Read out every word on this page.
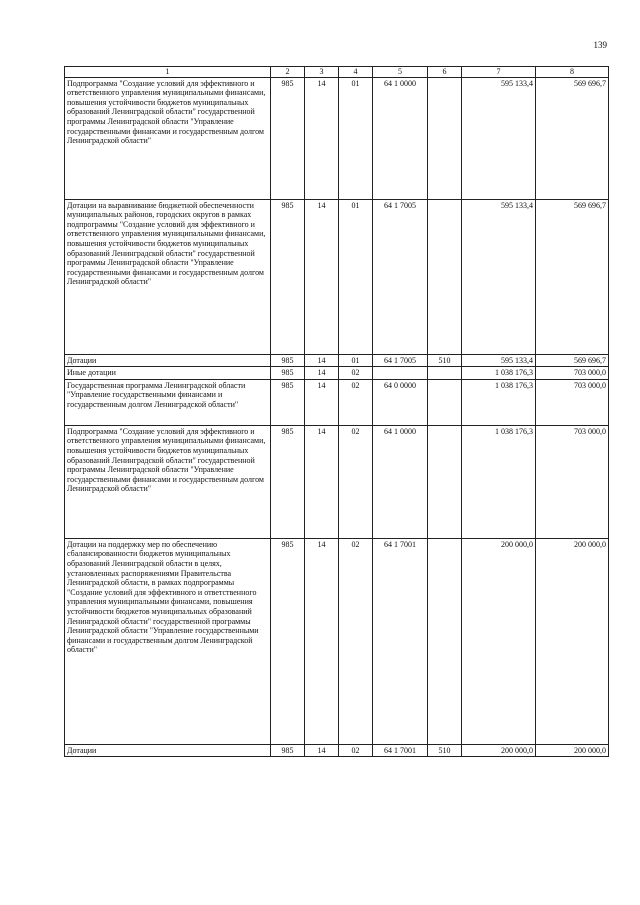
139
1	2	3	4	5	6	7	8
Подпрограмма "Создание условий для эффективного и ответственного управления муниципальными финансами, повышения устойчивости бюджетов муниципальных образований Ленинградской области" государственной программы Ленинградской области "Управление государственными финансами и государственным долгом Ленинградской области"	985	14	01	64 1 0000		595 133,4	569 696,7
Дотации на выравнивание бюджетной обеспеченности муниципальных районов, городских округов в рамках подпрограммы "Создание условий для эффективного и ответственного управления муниципальными финансами, повышения устойчивости бюджетов муниципальных образований Ленинградской области" государственной программы Ленинградской области "Управление государственными финансами и государственным долгом Ленинградской области"	985	14	01	64 1 7005		595 133,4	569 696,7
Дотации	985	14	01	64 1 7005	510	595 133,4	569 696,7
Иные дотации	985	14	02			1 038 176,3	703 000,0
Государственная программа Ленинградской области "Управление государственными финансами и государственным долгом Ленинградской области"	985	14	02	64 0 0000		1 038 176,3	703 000,0
Подпрограмма "Создание условий для эффективного и ответственного управления муниципальными финансами, повышения устойчивости бюджетов муниципальных образований Ленинградской области" государственной программы Ленинградской области "Управление государственными финансами и государственным долгом Ленинградской области"	985	14	02	64 1 0000		1 038 176,3	703 000,0
Дотации на поддержку мер по обеспечению сбалансированности бюджетов муниципальных образований Ленинградской области в целях, установленных распоряжениями Правительства Ленинградской области, в рамках подпрограммы "Создание условий для эффективного и ответственного управления муниципальными финансами, повышения устойчивости бюджетов муниципальных образований Ленинградской области" государственной программы Ленинградской области "Управление государственными финансами и государственным долгом Ленинградской области"	985	14	02	64 1 7001		200 000,0	200 000,0
Дотации	985	14	02	64 1 7001	510	200 000,0	200 000,0
